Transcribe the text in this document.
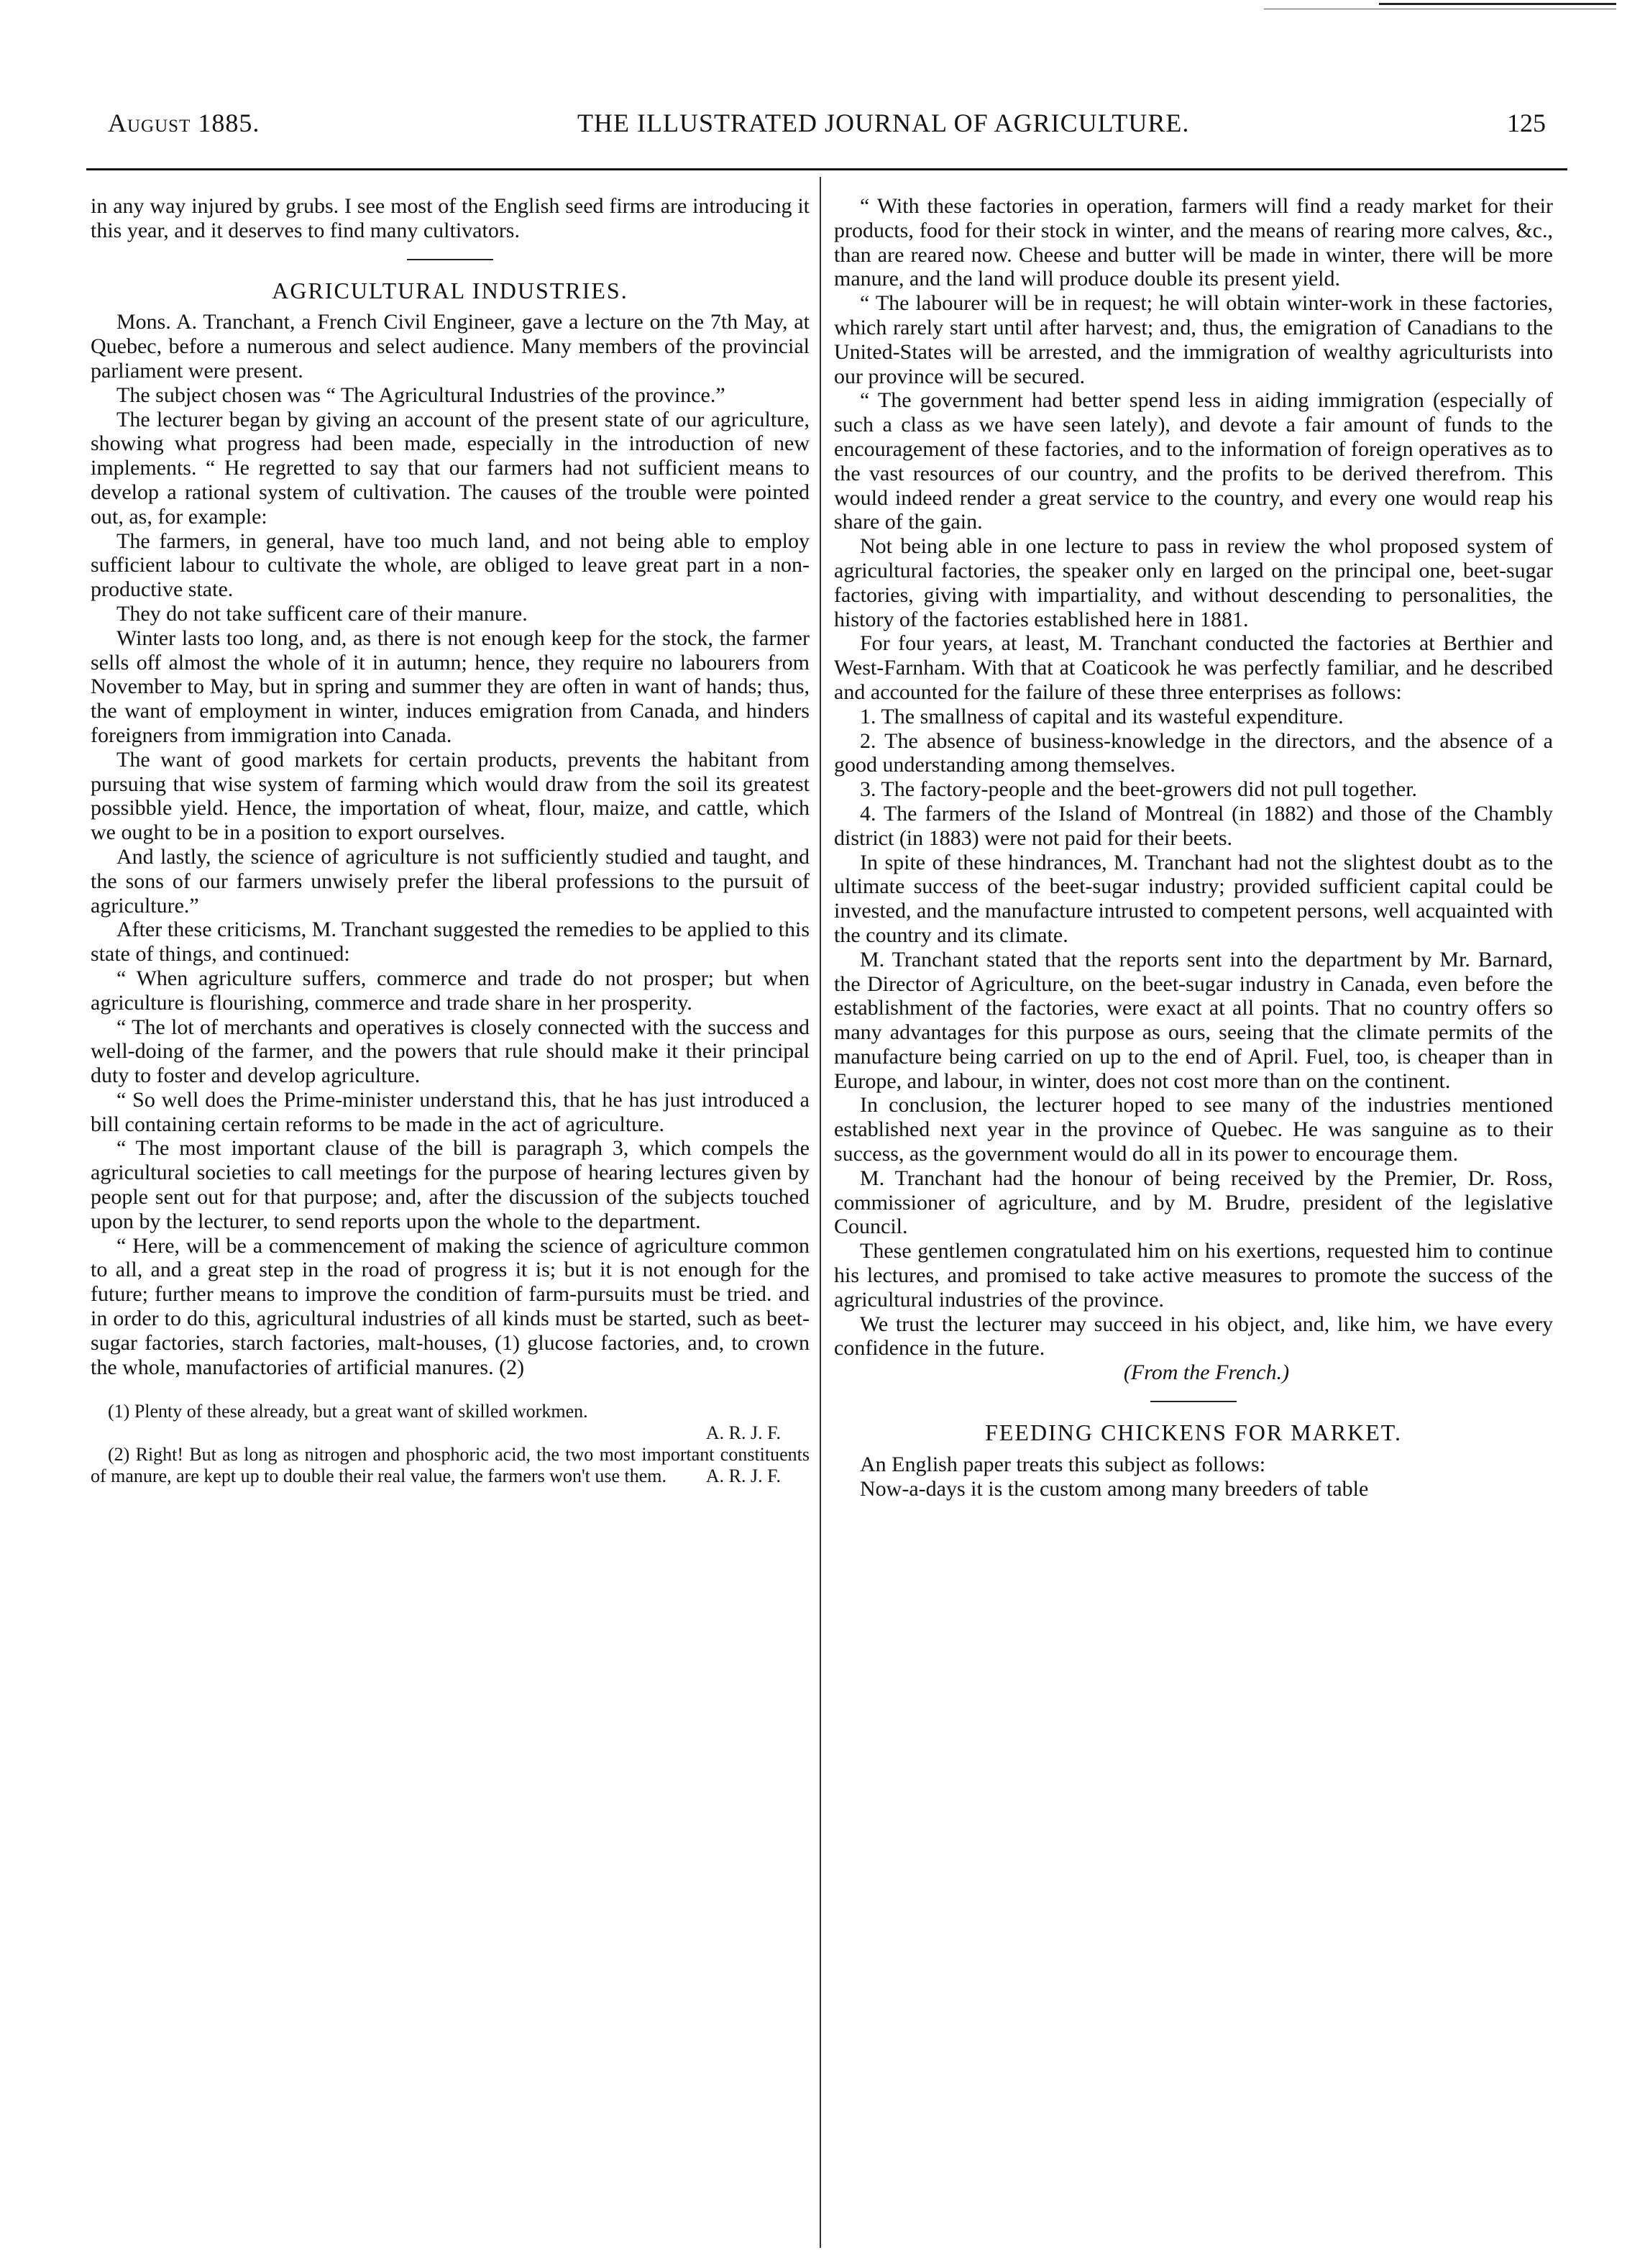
August 1885.	THE ILLUSTRATED JOURNAL OF AGRICULTURE.	125

in any way injured by grubs. I see most of the English seed firms are introducing it this year, and it deserves to find many cultivators.

AGRICULTURAL INDUSTRIES.

Mons. A. Tranchant, a French Civil Engineer, gave a lecture on the 7th May, at Quebec, before a numerous and select audience. Many members of the provincial parliament were present.

The subject chosen was “ The Agricultural Industries of the province.”

The lecturer began by giving an account of the present state of our agriculture, showing what progress had been made, especially in the introduction of new implements. “ He regretted to say that our farmers had not sufficient means to develop a rational system of cultivation. The causes of the trouble were pointed out, as, for example:

The farmers, in general, have too much land, and not being able to employ sufficient labour to cultivate the whole, are obliged to leave great part in a non-productive state.

They do not take sufficent care of their manure.

Winter lasts too long, and, as there is not enough keep for the stock, the farmer sells off almost the whole of it in autumn; hence, they require no labourers from November to May, but in spring and summer they are often in want of hands; thus, the want of employment in winter, induces emigration from Canada, and hinders foreigners from immigration into Canada.

The want of good markets for certain products, prevents the habitant from pursuing that wise system of farming which would draw from the soil its greatest possibble yield. Hence, the importation of wheat, flour, maize, and cattle, which we ought to be in a position to export ourselves.

And lastly, the science of agriculture is not sufficiently studied and taught, and the sons of our farmers unwisely prefer the liberal professions to the pursuit of agriculture.”

After these criticisms, M. Tranchant suggested the remedies to be applied to this state of things, and continued:

“ When agriculture suffers, commerce and trade do not prosper; but when agriculture is flourishing, commerce and trade share in her prosperity.

“ The lot of merchants and operatives is closely connected with the success and well-doing of the farmer, and the powers that rule should make it their principal duty to foster and develop agriculture.

“ So well does the Prime-minister understand this, that he has just introduced a bill containing certain reforms to be made in the act of agriculture.

“ The most important clause of the bill is paragraph 3, which compels the agricultural societies to call meetings for the purpose of hearing lectures given by people sent out for that purpose; and, after the discussion of the subjects touched upon by the lecturer, to send reports upon the whole to the department.

“ Here, will be a commencement of making the science of agriculture common to all, and a great step in the road of progress it is; but it is not enough for the future; further means to improve the condition of farm-pursuits must be tried. and in order to do this, agricultural industries of all kinds must be started, such as beet-sugar factories, starch factories, malt-houses, (1) glucose factories, and, to crown the whole, manufactories of artificial manures. (2)

(1) Plenty of these already, but a great want of skilled workmen.

A. R. J. F.

(2) Right! But as long as nitrogen and phosphoric acid, the two most important constituents of manure, are kept up to double their real value, the farmers won't use them.	A. R. J. F.

“ With these factories in operation, farmers will find a ready market for their products, food for their stock in winter, and the means of rearing more calves, &c., than are reared now. Cheese and butter will be made in winter, there will be more manure, and the land will produce double its present yield.

“ The labourer will be in request; he will obtain winter-work in these factories, which rarely start until after harvest; and, thus, the emigration of Canadians to the United-States will be arrested, and the immigration of wealthy agriculturists into our province will be secured.

“ The government had better spend less in aiding immigration (especially of such a class as we have seen lately), and devote a fair amount of funds to the encouragement of these factories, and to the information of foreign operatives as to the vast resources of our country, and the profits to be derived therefrom. This would indeed render a great service to the country, and every one would reap his share of the gain.

Not being able in one lecture to pass in review the whol proposed system of agricultural factories, the speaker only en larged on the principal one, beet-sugar factories, giving with impartiality, and without descending to personalities, the history of the factories established here in 1881.

For four years, at least, M. Tranchant conducted the factories at Berthier and West-Farnham. With that at Coaticook he was perfectly familiar, and he described and accounted for the failure of these three enterprises as follows:

1. The smallness of capital and its wasteful expenditure.

2. The absence of business-knowledge in the directors, and the absence of a good understanding among themselves.

3. The factory-people and the beet-growers did not pull together.

4. The farmers of the Island of Montreal (in 1882) and those of the Chambly district (in 1883) were not paid for their beets.

In spite of these hindrances, M. Tranchant had not the slightest doubt as to the ultimate success of the beet-sugar industry; provided sufficient capital could be invested, and the manufacture intrusted to competent persons, well acquainted with the country and its climate.

M. Tranchant stated that the reports sent into the department by Mr. Barnard, the Director of Agriculture, on the beet-sugar industry in Canada, even before the establishment of the factories, were exact at all points. That no country offers so many advantages for this purpose as ours, seeing that the climate permits of the manufacture being carried on up to the end of April. Fuel, too, is cheaper than in Europe, and labour, in winter, does not cost more than on the continent.

In conclusion, the lecturer hoped to see many of the industries mentioned established next year in the province of Quebec. He was sanguine as to their success, as the government would do all in its power to encourage them.

M. Tranchant had the honour of being received by the Premier, Dr. Ross, commissioner of agriculture, and by M. Brudre, president of the legislative Council.

These gentlemen congratulated him on his exertions, requested him to continue his lectures, and promised to take active measures to promote the success of the agricultural industries of the province.

We trust the lecturer may succeed in his object, and, like him, we have every confidence in the future.

(From the French.)

FEEDING CHICKENS FOR MARKET.

An English paper treats this subject as follows:

Now-a-days it is the custom among many breeders of table
